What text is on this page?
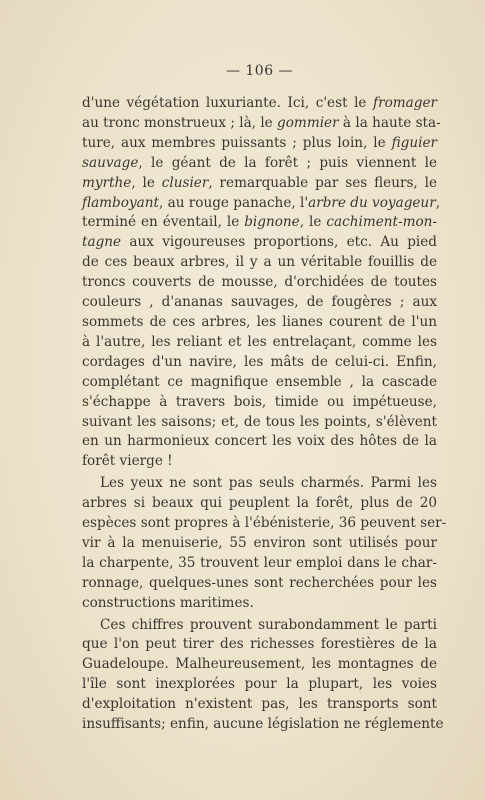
— 106 —

d'une végétation luxuriante. Ici, c'est le fromager
au tronc monstrueux ; là, le gommier à la haute sta-
ture, aux membres puissants ; plus loin, le figuier
sauvage, le géant de la forêt ; puis viennent le
myrthe, le clusier, remarquable par ses fleurs, le
flamboyant, au rouge panache, l'arbre du voyageur,
terminé en éventail, le bignone, le cachiment-mon-
tagne aux vigoureuses proportions, etc. Au pied
de ces beaux arbres, il y a un véritable fouillis de
troncs couverts de mousse, d'orchidées de toutes
couleurs , d'ananas sauvages, de fougères ; aux
sommets de ces arbres, les lianes courent de l'un
à l'autre, les reliant et les entrelaçant, comme les
cordages d'un navire, les mâts de celui-ci. Enfin,
complétant ce magnifique ensemble , la cascade
s'échappe à travers bois, timide ou impétueuse,
suivant les saisons; et, de tous les points, s'élèvent
en un harmonieux concert les voix des hôtes de la
forêt vierge !

Les yeux ne sont pas seuls charmés. Parmi les
arbres si beaux qui peuplent la forêt, plus de 20
espèces sont propres à l'ébénisterie, 36 peuvent ser-
vir à la menuiserie, 55 environ sont utilisés pour
la charpente, 35 trouvent leur emploi dans le char-
ronnage, quelques-unes sont recherchées pour les
constructions maritimes.

Ces chiffres prouvent surabondamment le parti
que l'on peut tirer des richesses forestières de la
Guadeloupe. Malheureusement, les montagnes de
l'île sont inexplorées pour la plupart, les voies
d'exploitation n'existent pas, les transports sont
insuffisants; enfin, aucune législation ne réglemente
